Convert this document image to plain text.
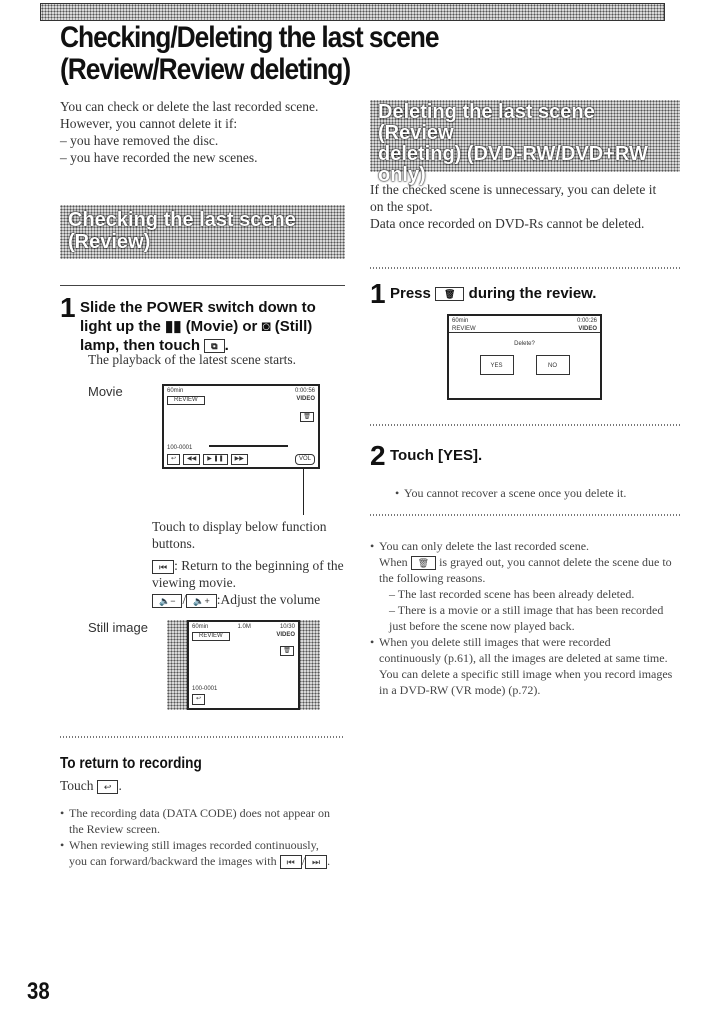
Checking/Deleting the last scene
(Review/Review deleting)
You can check or delete the last recorded scene.
However, you cannot delete it if:
– you have removed the disc.
– you have recorded the new scenes.
Checking the last scene
(Review)
1 Slide the POWER switch down to light up the ▮▮ (Movie) or ◙ (Still) lamp, then touch ⧉ .
The playback of the latest scene starts.
Movie	60min	0:00:56
REVIEW	VIDEO
🗑
100-0001
↩	◀◀	▶ ❚❚	▶▶	VOL
Touch to display below function buttons.
⏮ : Return to the beginning of the viewing movie.
🔈− / 🔈+ :Adjust the volume
Still image	60min	1.0M	10/30
REVIEW	VIDEO
🗑
100-0001
↩
To return to recording
Touch ↩ .
• The recording data (DATA CODE) does not appear on the Review screen.
• When reviewing still images recorded continuously, you can forward/backward the images with ⏮ / ⏭ .
38
Deleting the last scene (Review
deleting) (DVD-RW/DVD+RW
only)
If the checked scene is unnecessary, you can delete it on the spot.
Data once recorded on DVD-Rs cannot be deleted.
1 Press 🗑 during the review.
60min	0:00:26
REVIEW	VIDEO
Delete?
YES	NO
2 Touch [YES].
• You cannot recover a scene once you delete it.
• You can only delete the last recorded scene.
When 🗑 is grayed out, you cannot delete the scene due to the following reasons.
– The last recorded scene has been already deleted.
– There is a movie or a still image that has been recorded just before the scene now played back.
• When you delete still images that were recorded continuously (p.61), all the images are deleted at same time.
You can delete a specific still image when you record images in a DVD-RW (VR mode) (p.72).
